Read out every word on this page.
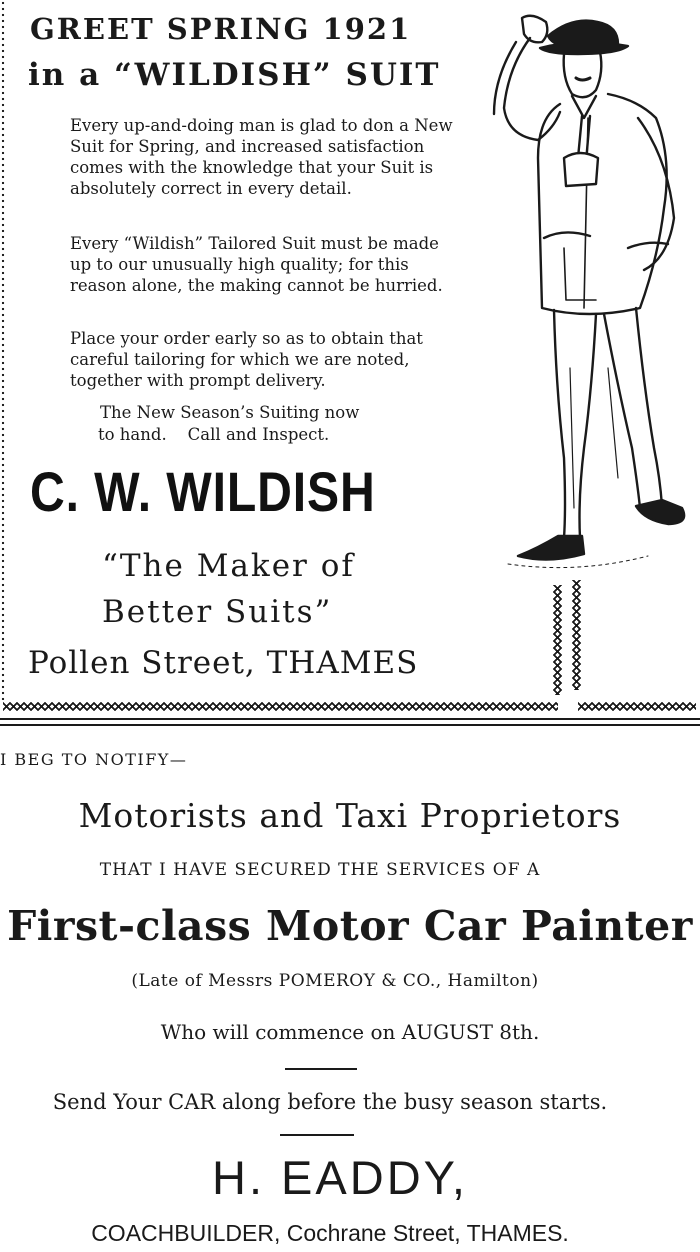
GREET SPRING 1921
in a “WILDISH” SUIT
Every up-and-doing man is glad to don a New Suit for Spring, and increased satisfaction comes with the knowledge that your Suit is absolutely correct in every detail.
Every “Wildish” Tailored Suit must be made up to our unusually high quality; for this reason alone, the making cannot be hurried.
Place your order early so as to obtain that careful tailoring for which we are noted, together with prompt delivery.
The New Season’s Suiting now
to hand.    Call and Inspect.
C. W. WILDISH
“The Maker of
Better Suits”
Pollen Street, THAMES
I BEG TO NOTIFY—
Motorists and Taxi Proprietors
THAT I HAVE SECURED THE SERVICES OF A
First-class Motor Car Painter
(Late of Messrs POMEROY & CO., Hamilton)
Who will commence on AUGUST 8th.
Send Your CAR along before the busy season starts.
H. EADDY,
COACHBUILDER, Cochrane Street, THAMES.
